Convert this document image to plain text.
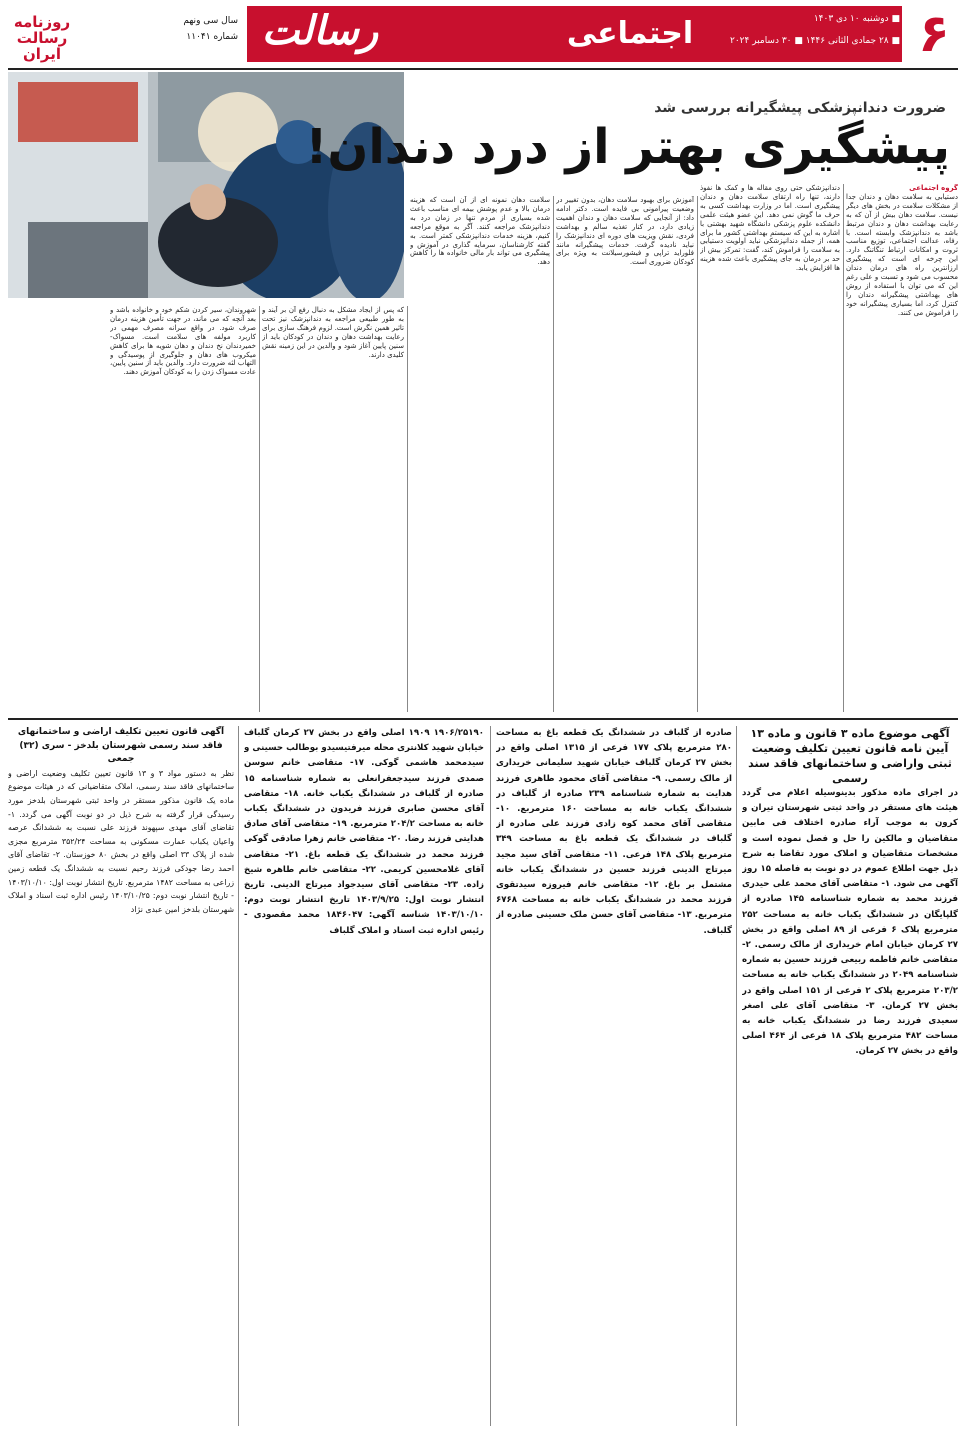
۶
■ دوشنبه ۱۰ دی ۱۴۰۳
■ ۲۸ جمادی الثانی ۱۴۴۶ ■ ۳۰ دسامبر ۲۰۲۴
اجتماعی
رسالت
روزنامه رسالت ایران
سال سی ونهم
شماره ۱۱۰۴۱
ضرورت دندانپزشکی پیشگیرانه بررسی شد
پیشگیری بهتر از درد دندان!
گروه اجتماعی
دستیابی به سلامت دهان و دندان جدا از مشکلات سلامت در بخش های دیگر نیست. سلامت دهان بیش از آن که به رعایت بهداشت دهان و دندان مرتبط باشد به دندانپزشک وابسته است. با رفاه، عدالت اجتماعی، توزیع مناسب ثروت و امکانات ارتباط تنگاتنگ دارد. این چرخه ای است که پیشگیری ارزانترین راه های درمان دندان محسوب می شود و تسبت و علی رغم این که می توان با استفاده از روش های بهداشتی پیشگیرانه دندان را کنترل کرد، اما بسیاری پیشگیرانه خود را فراموش می کنند.
دندانپزشکی حتی روی مقاله ها و کمک ها نفوذ دارند، تنها راه ارتقای سلامت دهان و دندان پیشگیری است. اما در وزارت بهداشت کسی به حرف ما گوش نمی دهد. این عضو هیئت علمی دانشکده علوم پزشکی دانشگاه شهید بهشتی با اشاره به این که سیستم بهداشتی کشور ما برای همه، از جمله دندانپزشکی نباید اولویت دستیابی به سلامت را فراموش کند، گفت: تمرکز بیش از حد بر درمان به جای پیشگیری باعث شده هزینه ها افزایش یابد.
آموزش برای بهبود سلامت دهان، بدون تغییر در وضعیت پیرامونی بی فایده است. دکتر ادامه داد: از آنجایی که سلامت دهان و دندان اهمیت زیادی دارد، در کنار تغذیه سالم و بهداشت فردی، نقش ویزیت های دوره ای دندانپزشک را نباید نادیده گرفت. خدمات پیشگیرانه مانند فلوراید تراپی و فیشورسیلانت به ویژه برای کودکان ضروری است.
سلامت دهان نمونه ای از آن است که هزینه درمان بالا و عدم پوشش بیمه ای مناسب باعث شده بسیاری از مردم تنها در زمان درد به دندانپزشک مراجعه کنند. آگر به موقع مراجعه کنیم، هزینه خدمات دندانپزشکی کمتر است. به گفته کارشناسان، سرمایه گذاری در آموزش و پیشگیری می تواند بار مالی خانواده ها را کاهش دهد.
که پس از ایجاد مشکل به دنبال رفع آن بر آیند و به طور طبیعی مراجعه به دندانپزشک نیز تحت تاثیر همین نگرش است. لزوم فرهنگ سازی برای رعایت بهداشت دهان و دندان در کودکان باید از سنین پایین آغاز شود و والدین در این زمینه نقش کلیدی دارند.
شهروندان، سیر کردن شکم خود و خانواده باشد و بعد آنچه که می ماند، در جهت تأمین هزینه درمان صرف شود. در واقع سرانه مصرف مهمی در کاربرد مولفه های سلامت است. مسواک-خمیردندان نخ دندان و دهان شویه ها برای کاهش میکروب های دهان و جلوگیری از پوسیدگی و التهاب لثه ضرورت دارد. والدین باید از سنین پایین، عادت مسواک زدن را به کودکان آموزش دهند.
آگهی موضوع ماده ۳ قانون و ماده ۱۳ آیین نامه قانون تعیین تکلیف وضعیت ثبتی واراضی و ساختمانهای فاقد سند رسمی
در اجرای ماده مذکور بدینوسیله اعلام می گردد هیئت های مستقر در واحد ثبتی شهرستان تیران و کرون به موجب آراء صادره اختلاف فی مابین متقاضیان و مالکین را حل و فصل نموده است و مشخصات متقاضیان و املاک مورد تقاضا به شرح ذیل جهت اطلاع عموم در دو نوبت به فاصله ۱۵ روز آگهی می شود. ۱- متقاضی آقای محمد علی حیدری فرزند محمد به شماره شناسنامه ۱۴۵ صادره از گلپایگان در ششدانگ یکباب خانه به مساحت ۲۵۲ مترمربع پلاک ۶ فرعی از ۸۹ اصلی واقع در بخش ۲۷ کرمان خیابان امام خریداری از مالک رسمی. ۲- متقاضی خانم فاطمه ربیعی فرزند حسین به شماره شناسنامه ۲۰۴۹ در ششدانگ یکباب خانه به مساحت ۲۰۳/۲ مترمربع پلاک ۲ فرعی از ۱۵۱ اصلی واقع در بخش ۲۷ کرمان. ۳- متقاضی آقای علی اصغر سعیدی فرزند رضا در ششدانگ یکباب خانه به مساحت ۴۸۲ مترمربع پلاک ۱۸ فرعی از ۴۶۴ اصلی واقع در بخش ۲۷ کرمان.
صادره از گلباف در ششدانگ یک قطعه باغ به مساحت ۲۸۰ مترمربع پلاک ۱۷۷ فرعی از ۱۳۱۵ اصلی واقع در بخش ۲۷ کرمان گلباف خیابان شهید سلیمانی خریداری از مالک رسمی. ۹- متقاضی آقای محمود طاهری فرزند هدایت به شماره شناسنامه ۲۳۹ صادره از گلباف در ششدانگ یکباب خانه به مساحت ۱۶۰ مترمربع. ۱۰- متقاضی آقای محمد کوه زادی فرزند علی صادره از گلباف در ششدانگ یک قطعه باغ به مساحت ۳۴۹ مترمربع پلاک ۱۴۸ فرعی. ۱۱- متقاضی آقای سید مجید میرتاج الدینی فرزند حسین در ششدانگ یکباب خانه مشتمل بر باغ. ۱۲- متقاضی خانم فیروزه سیدتقوی فرزند محمد در ششدانگ یکباب خانه به مساحت ۶۷۶۸ مترمربع. ۱۳- متقاضی آقای حسن ملک حسینی صادره از گلباف.
۱۹۰۶/۲۵۱۹۰ ۱۹۰۹ اصلی واقع در بخش ۲۷ کرمان گلباف خیابان شهید کلانتری محله میرفتیسیدو بوطالب حسینی و سیدمحمد هاشمی گوکی. ۱۷- متقاضی خانم سوسن صمدی فرزند سیدجعفرانعلی به شماره شناسنامه ۱۵ صادره از گلباف در ششدانگ یکباب خانه. ۱۸- متقاضی آقای محسن صابری فرزند فریدون در ششدانگ یکباب خانه به مساحت ۲۰۴/۲ مترمربع. ۱۹- متقاضی آقای صادق هدایتی فرزند رضا. ۲۰- متقاضی خانم زهرا صادقی گوکی فرزند محمد در ششدانگ یک قطعه باغ. ۲۱- متقاضی آقای غلامحسین کریمی. ۲۲- متقاضی خانم طاهره شیخ زاده. ۲۳- متقاضی آقای سیدجواد میرتاج الدینی. تاریخ انتشار نوبت اول: ۱۴۰۳/۹/۲۵ تاریخ انتشار نوبت دوم: ۱۴۰۳/۱۰/۱۰ شناسه آگهی: ۱۸۴۶۰۴۷ محمد مقصودی - رئیس اداره ثبت اسناد و املاک گلباف
آگهی قانون تعیین تکلیف اراضی و ساختمانهای فاقد سند رسمی شهرستان بلدخز - سری (۳۲) جمعی
نظر به دستور مواد ۳ و ۱۳ قانون تعیین تکلیف وضعیت اراضی و ساختمانهای فاقد سند رسمی، املاک متقاضیانی که در هیئات موضوع ماده یک قانون مذکور مستقر در واحد ثبتی شهرستان بلدخز مورد رسیدگی قرار گرفته به شرح ذیل در دو نوبت آگهی می گردد. ۱- تقاضای آقای مهدی سپهوند فرزند علی نسبت به ششدانگ عرصه واعیان یکباب عمارت مسکونی به مساحت ۳۵۲/۲۴ مترمربع مجزی شده از پلاک ۳۳ اصلی واقع در بخش ۸۰ خوزستان. ۲- تقاضای آقای احمد رضا جودکی فرزند رحیم نسبت به ششدانگ یک قطعه زمین زراعی به مساحت ۱۴۸۲ مترمربع. تاریخ انتشار نوبت اول: ۱۴۰۳/۱۰/۱۰ - تاریخ انتشار نوبت دوم: ۱۴۰۳/۱۰/۲۵ رئیس اداره ثبت اسناد و املاک شهرستان بلدخز امین عبدی نژاد
